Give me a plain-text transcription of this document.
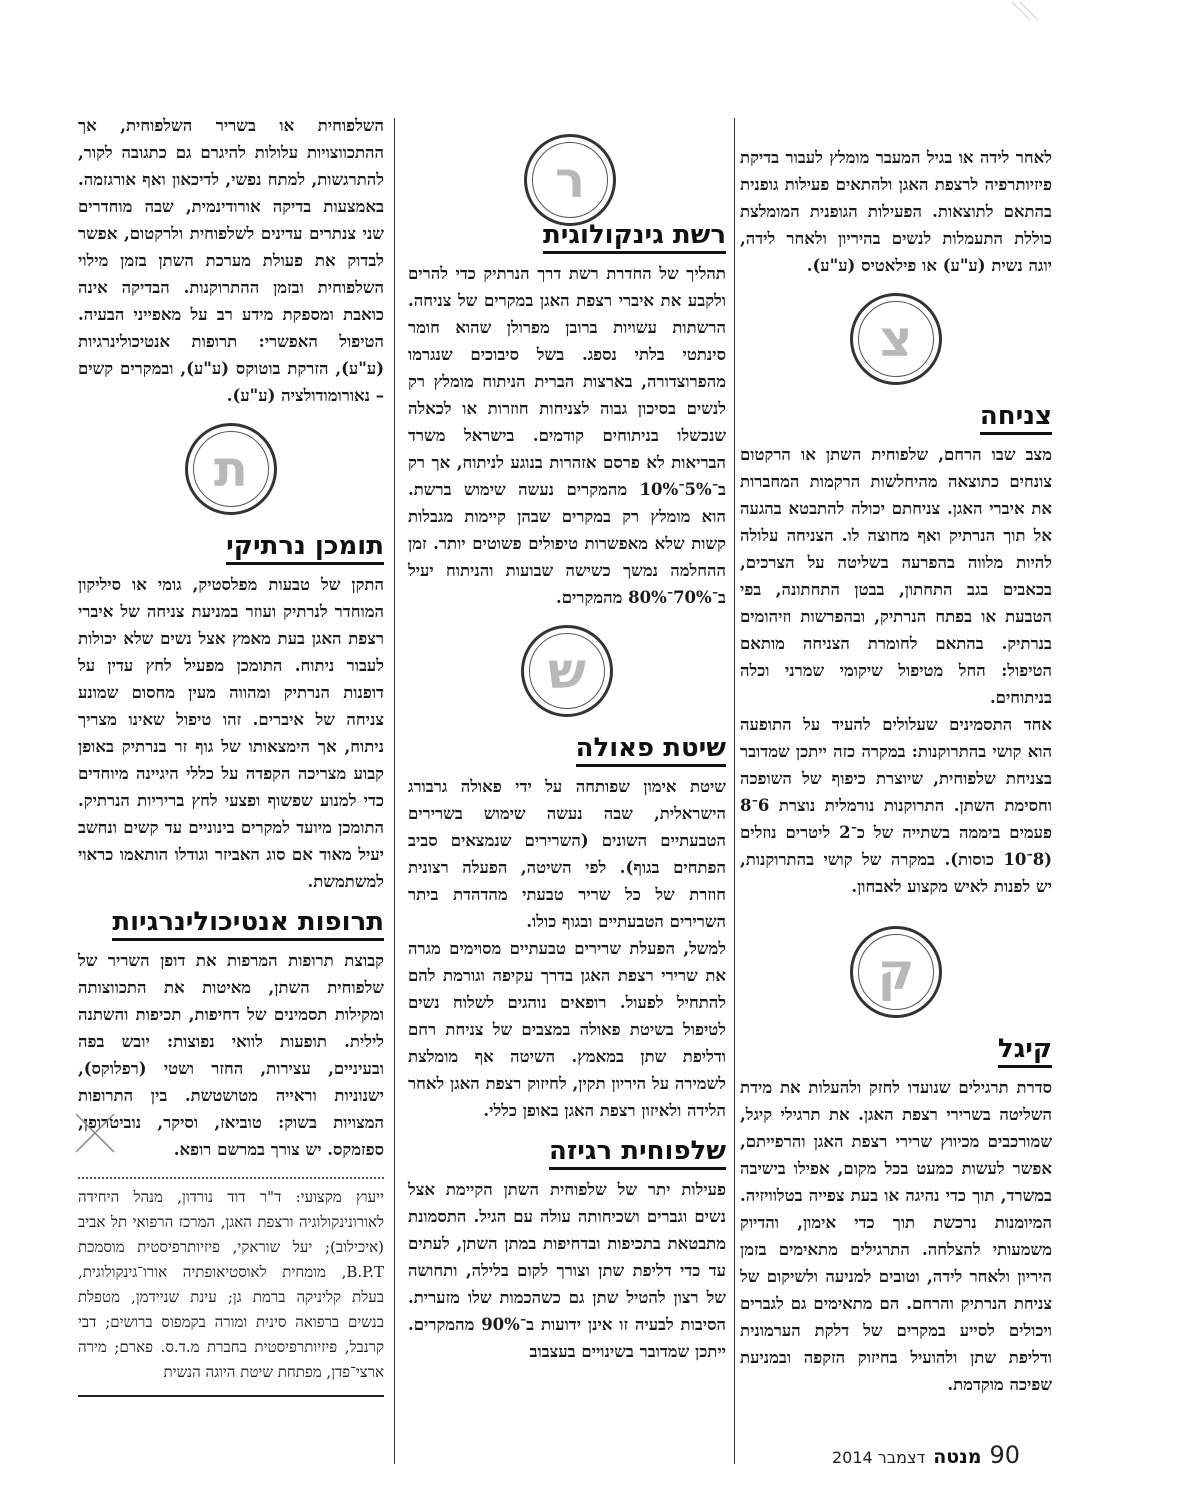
לאחר לידה או בגיל המעבר מומלץ לעבור בדיקת פיזיותרפיה לרצפת האגן ולהתאים פעילות גופנית בהתאם לתוצאות. הפעילות הגופנית המומלצת כוללת התעמלות לנשים בהיריון ולאחר לידה, יוגה נשית (ע"ע) או פילאטיס (ע"ע).

צ
צניחה

מצב שבו הרחם, שלפוחית השתן או הרקטום צונחים כתוצאה מהיחלשות הרקמות המחברות את איברי האגן. צניחתם יכולה להתבטא בהגעה אל תוך הנרתיק ואף מחוצה לו. הצניחה עלולה להיות מלווה בהפרעה בשליטה על הצרכים, בכאבים בגב התחתון, בבטן התחתונה, בפי הטבעת או בפתח הנרתיק, ובהפרשות וזיהומים בנרתיק. בהתאם לחומרת הצניחה מותאם הטיפול: החל מטיפול שיקומי שמרני וכלה בניתוחים.

אחד התסמינים שעלולים להעיד על התופעה הוא קושי בהתרוקנות: במקרה כזה ייתכן שמדובר בצניחת שלפוחית, שיוצרת כיפוף של השופכה וחסימת השתן. התרוקנות נורמלית נוצרת 6־8 פעמים ביממה בשתייה של כ־2 ליטרים נוזלים (8־10 כוסות). במקרה של קושי בהתרוקנות, יש לפנות לאיש מקצוע לאבחון.

ק
קיגל

סדרת תרגילים שנועדו לחזק ולהעלות את מידת השליטה בשרירי רצפת האגן. את תרגילי קיגל, שמורכבים מכיווץ שרירי רצפת האגן והרפייתם, אפשר לעשות כמעט בכל מקום, אפילו בישיבה במשרד, תוך כדי נהיגה או בעת צפייה בטלוויזיה. המיומנות נרכשת תוך כדי אימון, והדיוק משמעותי להצלחה. התרגילים מתאימים בזמן היריון ולאחר לידה, וטובים למניעה ולשיקום של צניחת הנרתיק והרחם. הם מתאימים גם לגברים ויכולים לסייע במקרים של דלקת הערמונית ודליפת שתן ולהועיל בחיזוק הזקפה ובמניעת שפיכה מוקדמת.

ר
רשת גינקולוגית

תהליך של החדרת רשת דרך הנרתיק כדי להרים ולקבע את איברי רצפת האגן במקרים של צניחה. הרשתות עשויות ברובן מפרולן שהוא חומר סינתטי בלתי נספג. בשל סיבוכים שנגרמו מהפרוצדורה, בארצות הברית הניתוח מומלץ רק לנשים בסיכון גבוה לצניחות חוזרות או לכאלה שנכשלו בניתוחים קודמים. בישראל משרד הבריאות לא פרסם אזהרות בנוגע לניתוח, אך רק ב־5%־10% מהמקרים נעשה שימוש ברשת. הוא מומלץ רק במקרים שבהן קיימות מגבלות קשות שלא מאפשרות טיפולים פשוטים יותר. זמן ההחלמה נמשך כשישה שבועות והניתוח יעיל ב־70%־80% מהמקרים.

ש
שיטת פאולה

שיטת אימון שפותחה על ידי פאולה גרבורג הישראלית, שבה נעשה שימוש בשרירים הטבעתיים השונים (השרירים שנמצאים סביב הפתחים בגוף). לפי השיטה, הפעלה רצונית חוזרת של כל שריר טבעתי מהדהדת ביתר השרירים הטבעתיים ובגוף כולו.

למשל, הפעלת שרירים טבעתיים מסוימים מגרה את שרירי רצפת האגן בדרך עקיפה וגורמת להם להתחיל לפעול. רופאים נוהגים לשלוח נשים לטיפול בשיטת פאולה במצבים של צניחת רחם ודליפת שתן במאמץ. השיטה אף מומלצת לשמירה על היריון תקין, לחיזוק רצפת האגן לאחר הלידה ולאיזון רצפת האגן באופן כללי.

שלפוחית רגיזה

פעילות יתר של שלפוחית השתן הקיימת אצל נשים וגברים ושכיחותה עולה עם הגיל. התסמונת מתבטאת בתכיפות ובדחיפות במתן השתן, לעתים עד כדי דליפת שתן וצורך לקום בלילה, ותחושה של רצון להטיל שתן גם כשהכמות שלו מזערית. הסיבות לבעיה זו אינן ידועות ב־90% מהמקרים. ייתכן שמדובר בשינויים בעצבוב

השלפוחית או בשריר השלפוחית, אך ההתכווצויות עלולות להיגרם גם כתגובה לקור, להתרגשות, למתח נפשי, לדיכאון ואף אורגזמה. באמצעות בדיקה אורודינמית, שבה מוחדרים שני צנתרים עדינים לשלפוחית ולרקטום, אפשר לבדוק את פעולת מערכת השתן בזמן מילוי השלפוחית ובזמן ההתרוקנות. הבדיקה אינה כואבת ומספקת מידע רב על מאפייני הבעיה. הטיפול האפשרי: תרופות אנטיכולינרגיות (ע"ע), הזרקת בוטוקס (ע"ע), ובמקרים קשים – נאורומודולציה (ע"ע).

ת
תומכן נרתיקי

התקן של טבעות מפלסטיק, גומי או סיליקון המוחדר לנרתיק ועוזר במניעת צניחה של איברי רצפת האגן בעת מאמץ אצל נשים שלא יכולות לעבור ניתוח. התומכן מפעיל לחץ עדין על דופנות הנרתיק ומהווה מעין מחסום שמונע צניחה של איברים. זהו טיפול שאינו מצריך ניתוח, אך הימצאותו של גוף זר בנרתיק באופן קבוע מצריכה הקפדה על כללי היגיינה מיוחדים כדי למנוע שפשוף ופצעי לחץ בריריות הנרתיק. התומכן מיועד למקרים בינוניים עד קשים ונחשב יעיל מאוד אם סוג האביזר וגודלו הותאמו כראוי למשתמשת.

תרופות אנטיכולינרגיות

קבוצת תרופות המרפות את דופן השריר של שלפוחית השתן, מאיטות את התכווצותה ומקילות תסמינים של דחיפות, תכיפות והשתנה לילית. תופעות לוואי נפוצות: יובש בפה ובעיניים, עצירות, החזר ושטי (רפלוקס), ישנוניות וראייה מטושטשת. בין התרופות המצויות בשוק: טוביאז, וסיקר, נוביטרופן, ספזמקס. יש צורך במרשם רופא.

ייעוץ מקצועי: ד"ר דוד נורדון, מנהל היחידה לאורונינקולוגיה ורצפת האגן, המרכז הרפואי תל אביב (איכילוב); יעל שוראקי, פיזיותרפיסטית מוסמכת B.P.T, מומחית לאוסטיאופתיה אורו־גינקולוגית, בעלת קליניקה ברמת גן; עינת שניידמן, מטפלת בנשים ברפואה סינית ומורה בקמפוס ברושים; דבי קרנבל, פיזיותרפיסטית בחברת מ.ד.ס. פארם; מירה ארצי־פדן, מפתחת שיטת היוגה הנשית

90
מנטה
דצמבר 2014
